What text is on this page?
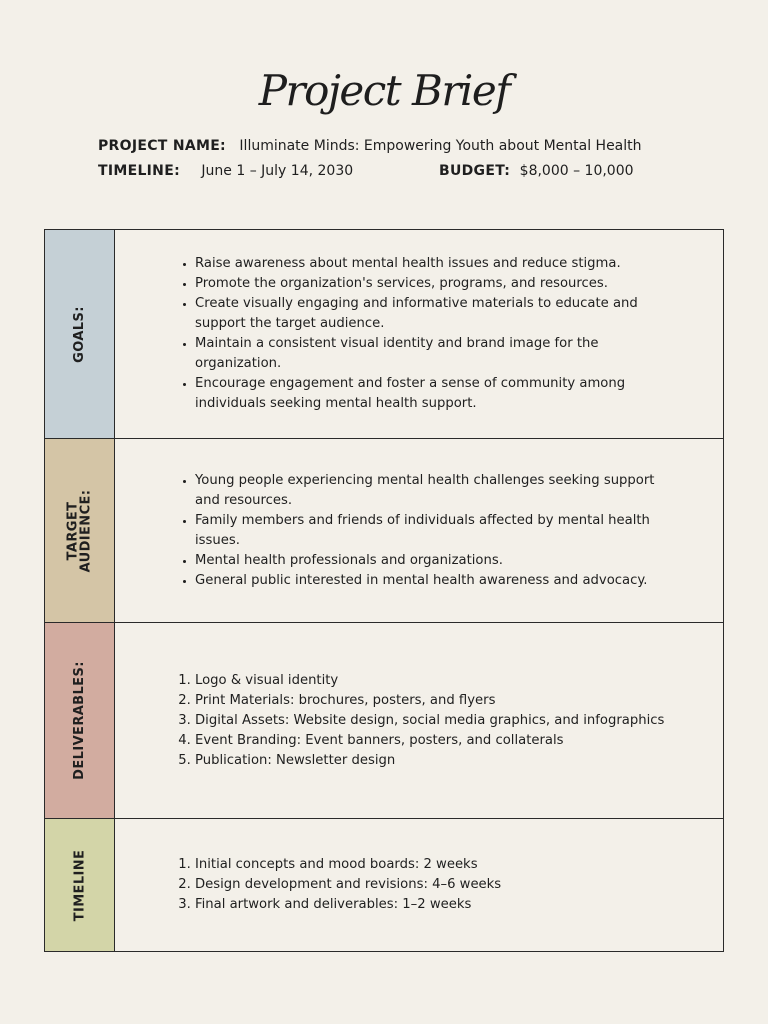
Project Brief
PROJECT NAME: Illuminate Minds: Empowering Youth about Mental Health
TIMELINE: June 1 – July 14, 2030	BUDGET: $8,000 – 10,000
GOALS:
• Raise awareness about mental health issues and reduce stigma.
• Promote the organization's services, programs, and resources.
• Create visually engaging and informative materials to educate and support the target audience.
• Maintain a consistent visual identity and brand image for the organization.
• Encourage engagement and foster a sense of community among individuals seeking mental health support.
TARGET
AUDIENCE:
• Young people experiencing mental health challenges seeking support and resources.
• Family members and friends of individuals affected by mental health issues.
• Mental health professionals and organizations.
• General public interested in mental health awareness and advocacy.
DELIVERABLES:	1. Logo & visual identity
2. Print Materials: brochures, posters, and flyers
3. Digital Assets: Website design, social media graphics, and infographics
4. Event Branding: Event banners, posters, and collaterals
5. Publication: Newsletter design
TIMELINE	1. Initial concepts and mood boards: 2 weeks
2. Design development and revisions: 4–6 weeks
3. Final artwork and deliverables: 1–2 weeks
